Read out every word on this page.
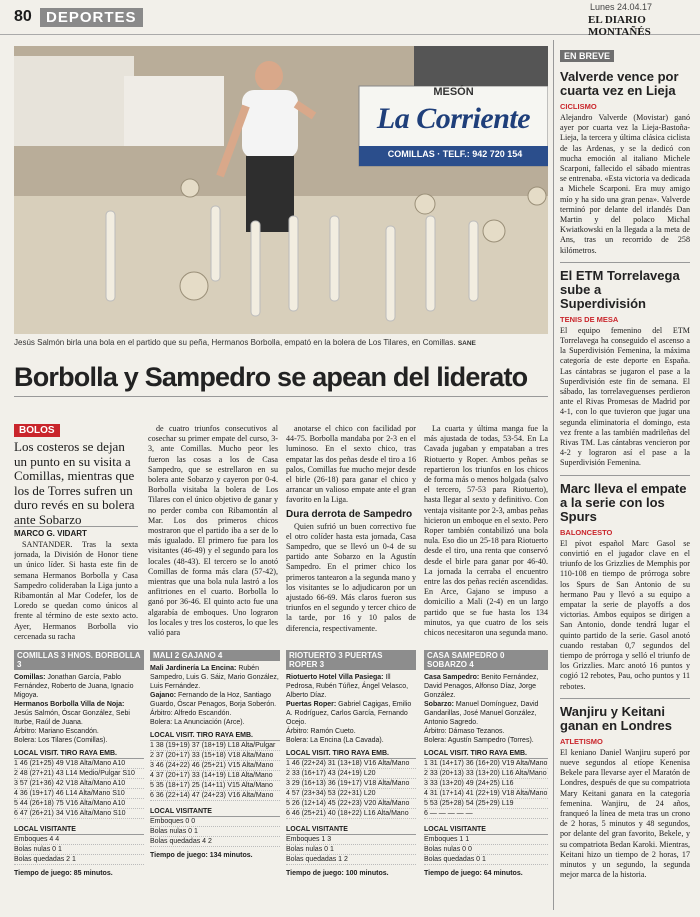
80 DEPORTES
Lunes 24.04.17
EL DIARIO MONTAÑÉS
MESÓN
La Corriente
COMILLAS · TELF.: 942 720 154
Jesús Salmón birla una bola en el partido que su peña, Hermanos Borbolla, empató en la bolera de Los Tilares, en Comillas. SANE
Borbolla y Sampedro se apean del liderato
BOLOS
Los costeros se dejan un punto en su visita a Comillas, mientras que los de Torres sufren un duro revés en su bolera ante Sobarzo
MARCO G. VIDART

SANTANDER. Tras la sexta jornada, la División de Honor tiene un único líder. Si hasta este fin de semana Hermanos Borbolla y Casa Sampedro colideraban la Liga junto a Ribamontán al Mar Codefer, los de Loredo se quedan como únicos al frente al término de este sexto acto. Ayer, Hermanos Borbolla vio cercenada su racha

de cuatro triunfos consecutivos al cosechar su primer empate del curso, 3-3, ante Comillas. Mucho peor les fueron las cosas a los de Casa Sampedro, que se estrellaron en su bolera ante Sobarzo y cayeron por 0-4. Borbolla visitaba la bolera de Los Tilares con el único objetivo de ganar y no perder comba con Ribamontán al Mar. Los dos primeros chicos mostraron que el partido iba a ser de lo más igualado. El primero fue para los visitantes (46-49) y el segundo para los locales (48-43). El tercero se lo anotó Comillas de forma más clara (57-42), mientras que una bola nula lastró a los anfitriones en el cuarto. Borbolla lo ganó por 36-46. El quinto acto fue una algarabía de emboques. Uno lograron los locales y tres los costeros, lo que les valió para

anotarse el chico con facilidad por 44-75. Borbolla mandaba por 2-3 en el luminoso. En el sexto chico, tras empatar las dos peñas desde el tiro a 16 palos, Comillas fue mucho mejor desde el birle (26-18) para ganar el chico y arrancar un valioso empate ante el gran favorito en la Liga.

Dura derrota de Sampedro

Quien sufrió un buen correctivo fue el otro colíder hasta esta jornada, Casa Sampedro, que se llevó un 0-4 de su partido ante Sobarzo en la Agustín Sampedro. En el primer chico los primeros tantearon a la segunda mano y los visitantes se lo adjudicaron por un ajustado 66-69. Más claros fueron sus triunfos en el segundo y tercer chico de la tarde, por 16 y 10 palos de diferencia, respectivamente.

La cuarta y última manga fue la más ajustada de todas, 53-54. En La Cavada jugaban y empataban a tres Riotuerto y Roper. Ambos peñas se repartieron los triunfos en los chicos de forma más o menos holgada (salvo el tercero, 57-53 para Riotuerto), hasta llegar al sexto y definitivo. Con ventaja visitante por 2-3, ambas peñas hicieron un emboque en el sexto. Pero Roper también contabilizó una bola nula. Eso dio un 25-18 para Riotuerto desde el tiro, una renta que conservó desde el birle para ganar por 46-40. La jornada la cerraba el encuentro entre las dos peñas recién ascendidas. En Arce, Gajano se impuso a domicilio a Mali (2-4) en un largo partido que se fue hasta los 134 minutos, ya que cuatro de los seis chicos necesitaron una segunda mano.

COMILLAS 3 HNOS. BORBOLLA 3
Comillas: Jonathan García, Pablo Fernández, Roberto de Juana, Ignacio Migoya.
Hermanos Borbolla Villa de Noja: Jesús Salmón, Óscar González, Sebi Iturbe, Raúl de Juana.
Árbitro: Mariano Escandón.
Bolera: Los Tilares (Comillas).
LOCAL VISIT. TIRO RAYA EMB.
1 46 (21+25) 49 V18 Alta/Mano A10
2 48 (27+21) 43 L14 Medio/Pulgar S10
3 57 (21+36) 42 V18 Alta/Mano A10
4 36 (19+17) 46 L14 Alta/Mano S10
5 44 (26+18) 75 V16 Alta/Mano A10
6 47 (26+21) 34 V16 Alta/Mano S10
LOCAL VISITANTE
Emboques 4 4
Bolas nulas 0 1
Bolas quedadas 2 1
Tiempo de juego: 85 minutos.
MALI 2 GAJANO 4
Mali Jardinería La Encina: Rubén Sampedro, Luis G. Sáiz, Mario González, Luis Fernández.
Gajano: Fernando de la Hoz, Santiago Guardo, Óscar Penagos, Borja Soberón.
Árbitro: Alfredo Escandón.
Bolera: La Anunciación (Arce).
LOCAL VISIT. TIRO RAYA EMB.
1 38 (19+19) 37 (18+19) L18 Alta/Pulgar
2 37 (20+17) 33 (15+18) V18 Alta/Mano
3 46 (24+22) 46 (25+21) V15 Alta/Mano
4 37 (20+17) 33 (14+19) L18 Alta/Mano
5 35 (18+17) 25 (14+11) V15 Alta/Mano
6 36 (22+14) 47 (24+23) V16 Alta/Mano
LOCAL VISITANTE
Emboques 0 0
Bolas nulas 0 1
Bolas quedadas 4 2
Tiempo de juego: 134 minutos.
RIOTUERTO 3 PUERTAS ROPER 3
Riotuerto Hotel Villa Pasiega: Ill Pedrosa, Rubén Túñez, Ángel Velasco, Alberto Díaz.
Puertas Roper: Gabriel Cagigas, Emilio A. Rodríguez, Carlos García, Fernando Ocejo.
Árbitro: Ramón Cueto.
Bolera: La Encina (La Cavada).
LOCAL VISIT. TIRO RAYA EMB.
1 46 (22+24) 31 (13+18) V16 Alta/Mano
2 33 (16+17) 43 (24+19) L20
3 29 (16+13) 36 (19+17) V18 Alta/Mano
4 57 (23+34) 53 (22+31) L20
5 26 (12+14) 45 (22+23) V20 Alta/Mano
6 46 (25+21) 40 (18+22) L16 Alta/Mano
LOCAL VISITANTE
Emboques 1 3
Bolas nulas 0 1
Bolas quedadas 1 2
Tiempo de juego: 100 minutos.
CASA SAMPEDRO 0 SOBARZO 4
Casa Sampedro: Benito Fernández, David Penagos, Alfonso Díaz, Jorge González.
Sobarzo: Manuel Domínguez, David Gandarillas, José Manuel González, Antonio Sagredo.
Árbitro: Dámaso Tezanos.
Bolera: Agustín Sampedro (Torres).
LOCAL VISIT. TIRO RAYA EMB.
1 31 (14+17) 36 (16+20) V19 Alta/Mano
2 33 (20+13) 33 (13+20) L16 Alta/Mano
3 33 (13+20) 49 (24+25) L16
4 31 (17+14) 41 (22+19) V18 Alta/Mano
5 53 (25+28) 54 (25+29) L19
6 — — — — —
LOCAL VISITANTE
Emboques 1 1
Bolas nulas 0 0
Bolas quedadas 0 1
Tiempo de juego: 64 minutos.
EN BREVE
Valverde vence por cuarta vez en Lieja
CICLISMO

Alejandro Valverde (Movistar) ganó ayer por cuarta vez la Lieja-Bastoña-Lieja, la tercera y última clásica ciclista de las Ardenas, y se la dedicó con mucha emoción al italiano Michele Scarponi, fallecido el sábado mientras se entrenaba. «Esta victoria va dedicada a Michele Scarponi. Era muy amigo mío y ha sido una gran pena». Valverde terminó por delante del irlandés Dan Martin y del polaco Michal Kwiatkowski en la llegada a la meta de Ans, tras un recorrido de 258 kilómetros.

El ETM Torrelavega sube a Superdivisión
TENIS DE MESA

El equipo femenino del ETM Torrelavega ha conseguido el ascenso a la Superdivisión Femenina, la máxima categoría de este deporte en España. Las cántabras se jugaron el pase a la Superdivisión este fin de semana. El sábado, las torrelaveguenses perdieron ante el Rivas Promesas de Madrid por 4-1, con lo que tuvieron que jugar una segunda eliminatoria el domingo, esta vez frente a las también madrileñas del Rivas TM. Las cántabras vencieron por 4-2 y lograron así el pase a la Superdivisión Femenina.

Marc lleva el empate a la serie con los Spurs
BALONCESTO

El pívot español Marc Gasol se convirtió en el jugador clave en el triunfo de los Grizzlies de Memphis por 110-108 en tiempo de prórroga sobre los Spurs de San Antonio de su hermano Pau y llevó a su equipo a empatar la serie de playoffs a dos victorias. Ambos equipos se dirigen a San Antonio, donde tendrá lugar el quinto partido de la serie. Gasol anotó cuando restaban 0,7 segundos del tiempo de prórroga y selló el triunfo de los Grizzlies. Marc anotó 16 puntos y cogió 12 rebotes, Pau, ocho puntos y 11 rebotes.

Wanjiru y Keitani ganan en Londres
ATLETISMO

El keniano Daniel Wanjiru superó por nueve segundos al etíope Kenenisa Bekele para llevarse ayer el Maratón de Londres, después de que su compatriota Mary Keitani ganara en la categoría femenina. Wanjiru, de 24 años, franqueó la línea de meta tras un crono de 2 horas, 5 minutos y 48 segundos, por delante del gran favorito, Bekele, y su compatriota Bedan Karoki. Mientras, Keitani hizo un tiempo de 2 horas, 17 minutos y un segundo, la segunda mejor marca de la historia.
